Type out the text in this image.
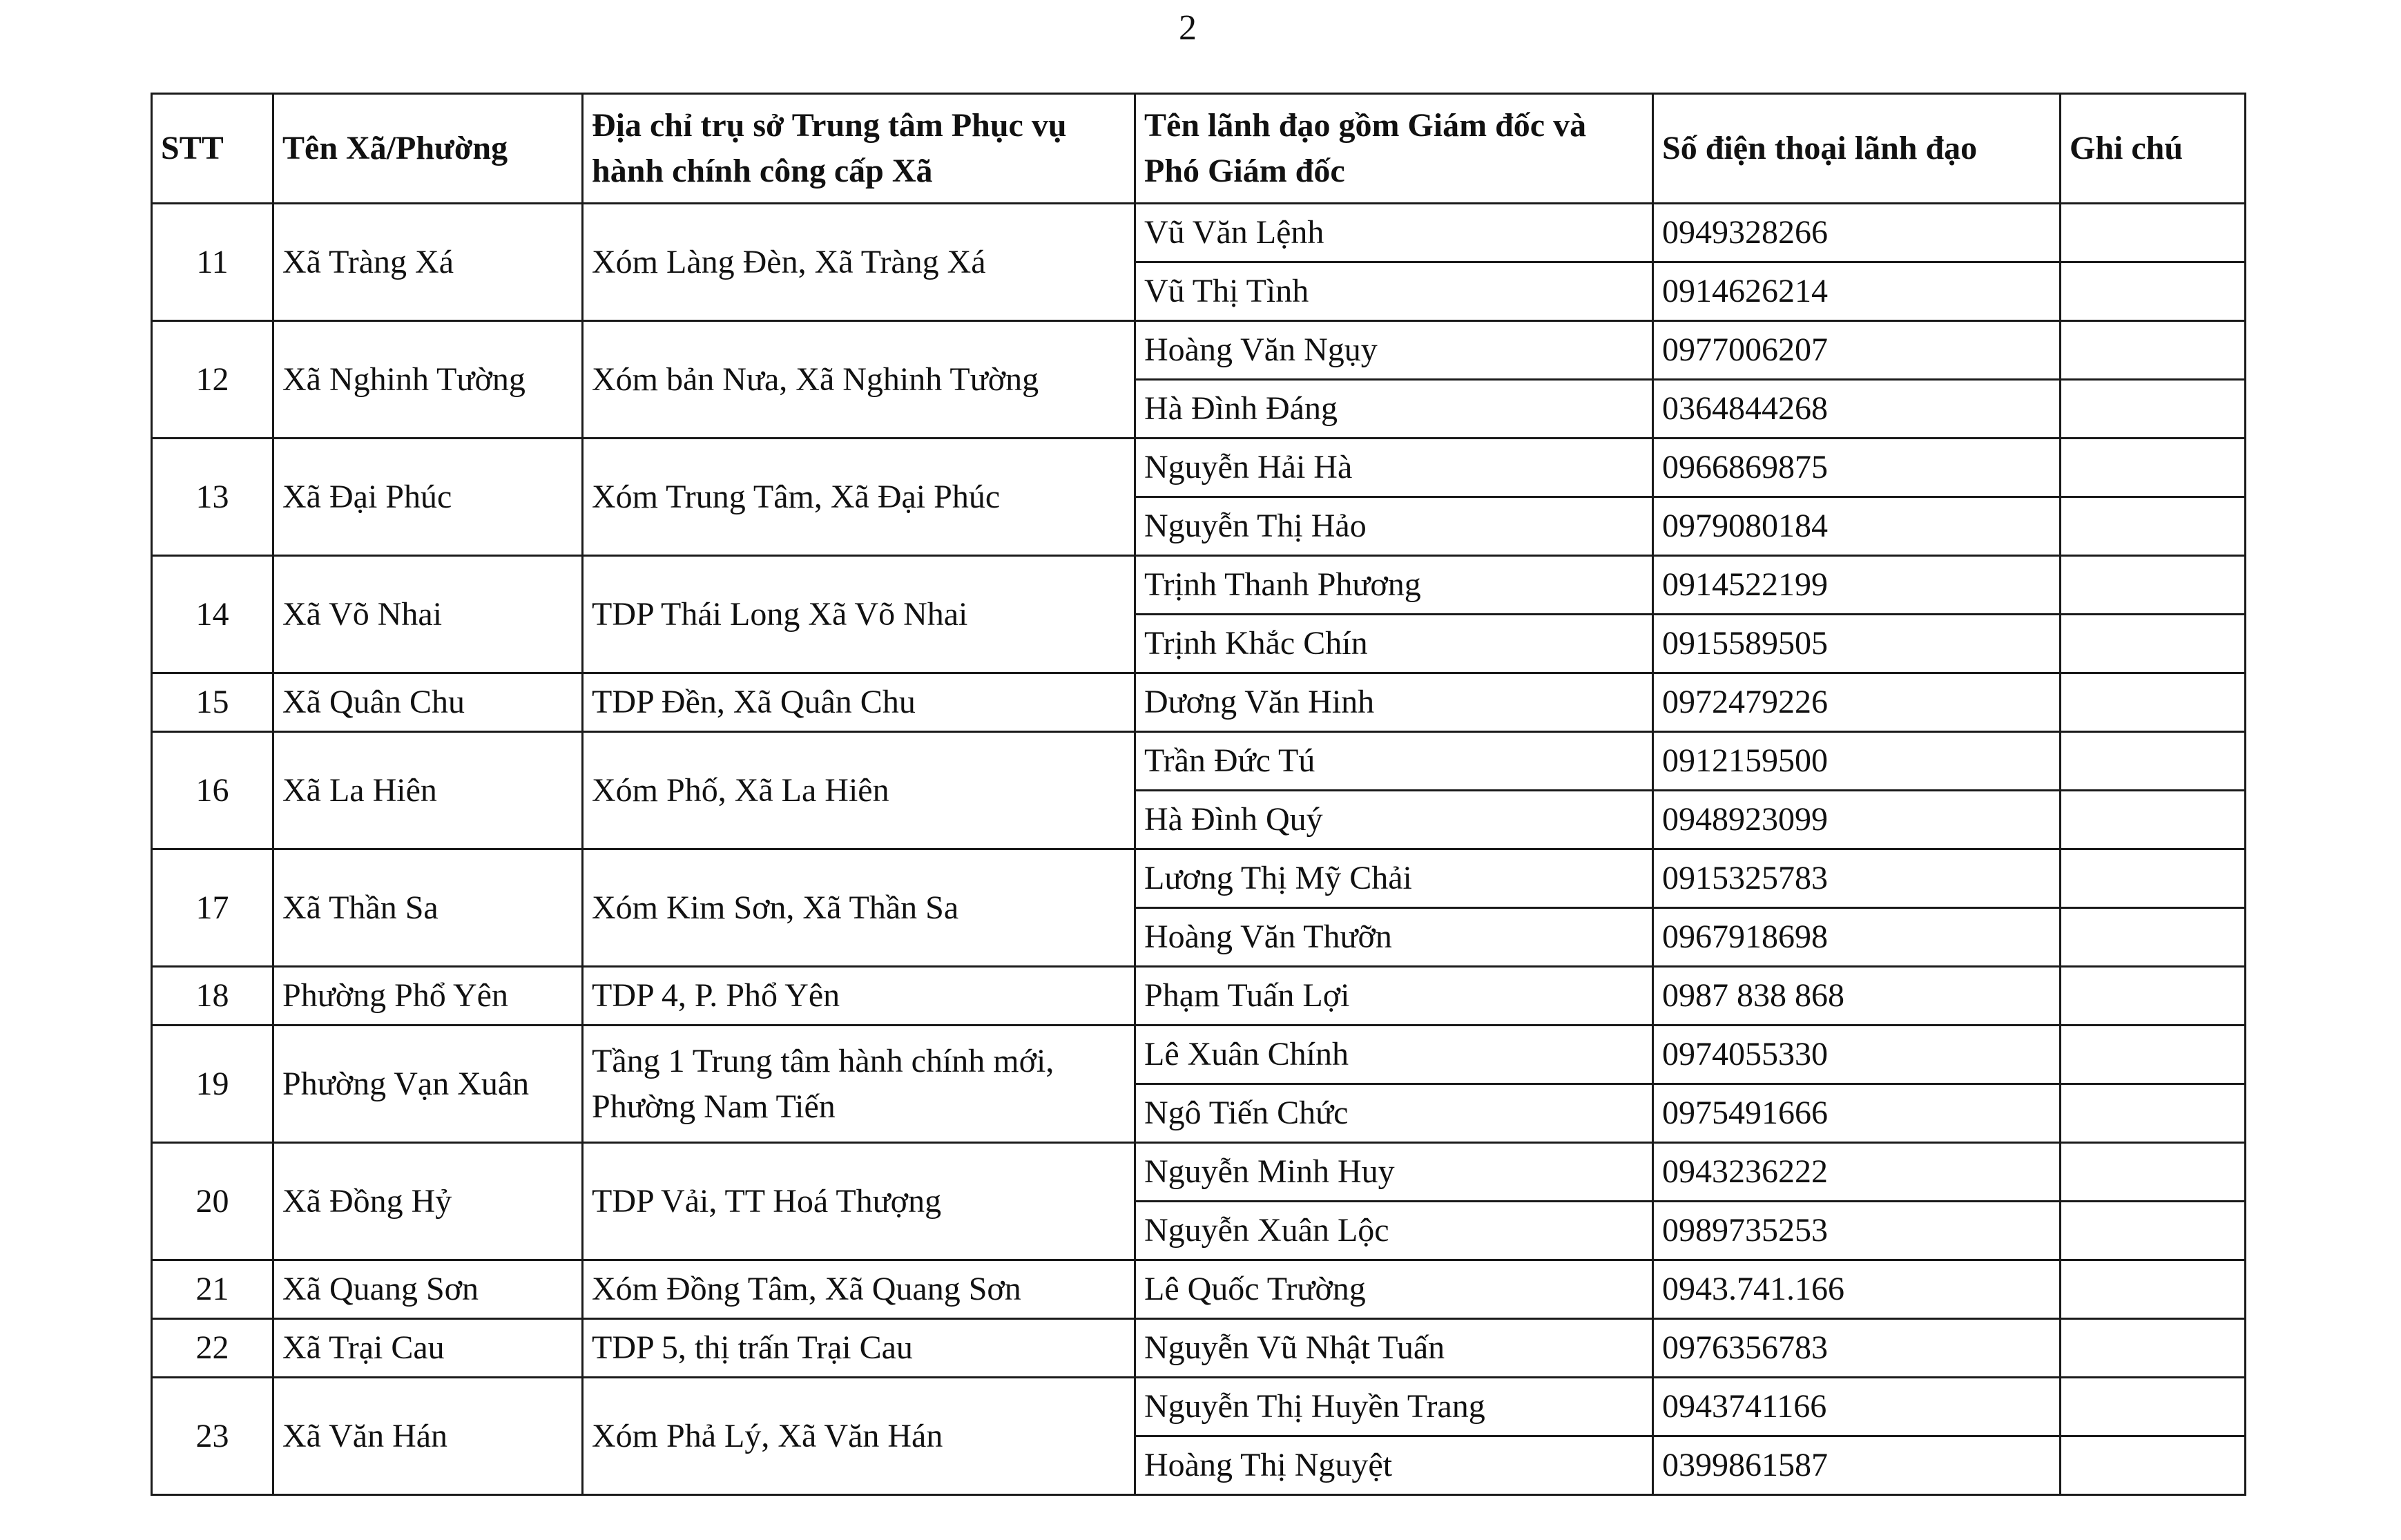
2
STT	Tên Xã/Phường	Địa chỉ trụ sở Trung tâm Phục vụ hành chính công cấp Xã	Tên lãnh đạo gồm Giám đốc và Phó Giám đốc	Số điện thoại lãnh đạo	Ghi chú
11	Xã Tràng Xá	Xóm Làng Đèn, Xã Tràng Xá	Vũ Văn Lệnh	0949328266	
			Vũ Thị Tình	0914626214	
12	Xã Nghinh Tường	Xóm bản Nưa, Xã Nghinh Tường	Hoàng Văn Ngụy	0977006207	
			Hà Đình Đáng	0364844268	
13	Xã Đại Phúc	Xóm Trung Tâm, Xã Đại Phúc	Nguyễn Hải Hà	0966869875	
			Nguyễn Thị Hảo	0979080184	
14	Xã Võ Nhai	TDP Thái Long Xã Võ Nhai	Trịnh Thanh Phương	0914522199	
			Trịnh Khắc Chín	0915589505	
15	Xã Quân Chu	TDP Đền, Xã Quân Chu	Dương Văn Hinh	0972479226	
16	Xã La Hiên	Xóm Phố, Xã La Hiên	Trần Đức Tú	0912159500	
			Hà Đình Quý	0948923099	
17	Xã Thần Sa	Xóm Kim Sơn, Xã Thần Sa	Lương Thị Mỹ Chải	0915325783	
			Hoàng Văn Thưỡn	0967918698	
18	Phường Phổ Yên	TDP 4, P. Phổ Yên	Phạm Tuấn Lợi	0987 838 868	
19	Phường Vạn Xuân	Tầng 1 Trung tâm hành chính mới, Phường Nam Tiến	Lê Xuân Chính	0974055330	
			Ngô Tiến Chức	0975491666	
20	Xã Đồng Hỷ	TDP Vải, TT Hoá Thượng	Nguyễn Minh Huy	0943236222	
			Nguyễn Xuân Lộc	0989735253	
21	Xã Quang Sơn	Xóm Đồng Tâm, Xã Quang Sơn	Lê Quốc Trường	0943.741.166	
22	Xã Trại Cau	TDP 5, thị trấn Trại Cau	Nguyễn Vũ Nhật Tuấn	0976356783	
23	Xã Văn Hán	Xóm Phả Lý, Xã Văn Hán	Nguyễn Thị Huyền Trang	0943741166	
			Hoàng Thị Nguyệt	0399861587	
